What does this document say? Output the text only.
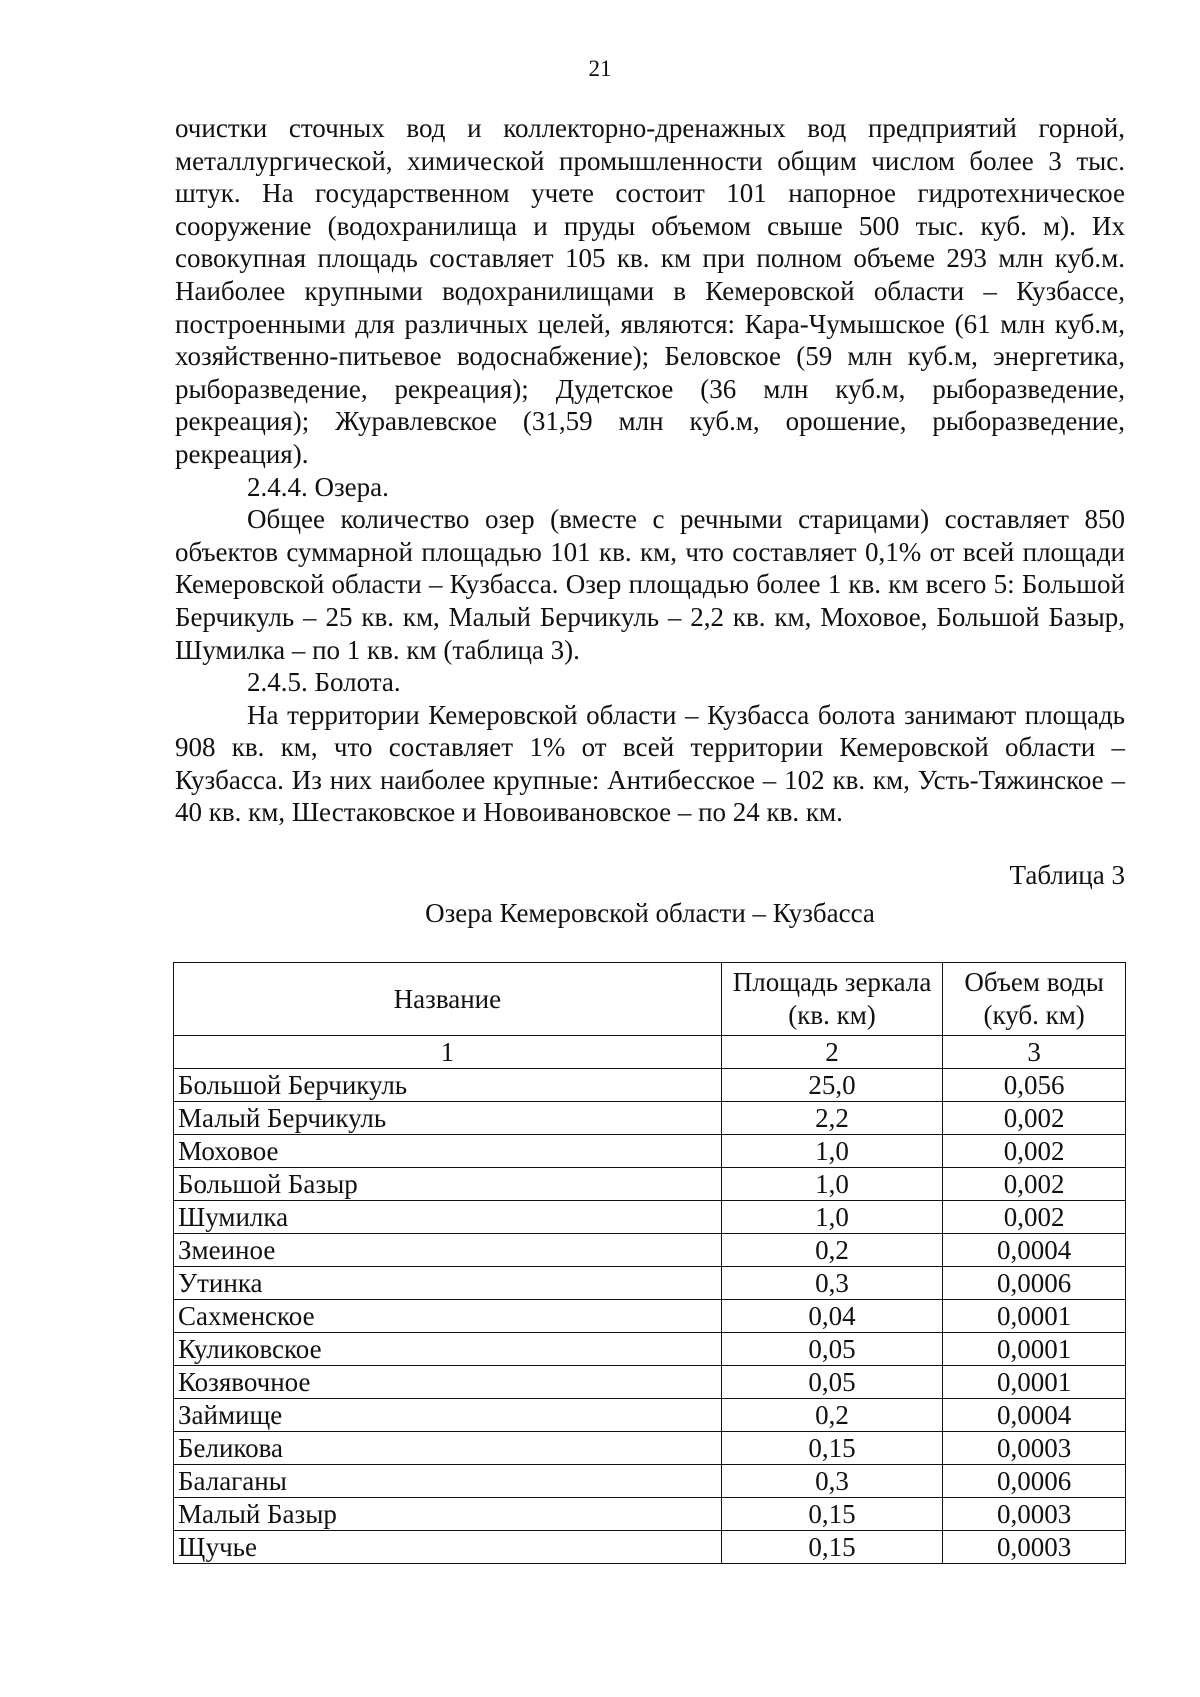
21

очистки сточных вод и коллекторно-дренажных вод предприятий горной, металлургической, химической промышленности общим числом более 3 тыс. штук. На государственном учете состоит 101 напорное гидротехническое сооружение (водохранилища и пруды объемом свыше 500 тыс. куб. м). Их совокупная площадь составляет 105 кв. км при полном объеме 293 млн куб.м. Наиболее крупными водохранилищами в Кемеровской области – Кузбассе, построенными для различных целей, являются: Кара-Чумышское (61 млн куб.м, хозяйственно-питьевое водоснабжение); Беловское (59 млн куб.м, энергетика, рыборазведение, рекреация); Дудетское (36 млн куб.м, рыборазведение, рекреация); Журавлевское (31,59 млн куб.м, орошение, рыборазведение, рекреация).

2.4.4. Озера.

Общее количество озер (вместе с речными старицами) составляет 850 объектов суммарной площадью 101 кв. км, что составляет 0,1% от всей площади Кемеровской области – Кузбасса. Озер площадью более 1 кв. км всего 5: Большой Берчикуль – 25 кв. км, Малый Берчикуль – 2,2 кв. км, Моховое, Большой Базыр, Шумилка – по 1 кв. км (таблица 3).

2.4.5. Болота.

На территории Кемеровской области – Кузбасса болота занимают площадь 908 кв. км, что составляет 1% от всей территории Кемеровской области – Кузбасса. Из них наиболее крупные: Антибесское – 102 кв. км, Усть-Тяжинское – 40 кв. км, Шестаковское и Новоивановское – по 24 кв. км.

Таблица 3
Озера Кемеровской области – Кузбасса
Название	Площадь зеркала (кв. км)	Объем воды (куб. км)
1	2	3
Большой Берчикуль	25,0	0,056
Малый Берчикуль	2,2	0,002
Моховое	1,0	0,002
Большой Базыр	1,0	0,002
Шумилка	1,0	0,002
Змеиное	0,2	0,0004
Утинка	0,3	0,0006
Сахменское	0,04	0,0001
Куликовское	0,05	0,0001
Козявочное	0,05	0,0001
Займище	0,2	0,0004
Беликова	0,15	0,0003
Балаганы	0,3	0,0006
Малый Базыр	0,15	0,0003
Щучье	0,15	0,0003
